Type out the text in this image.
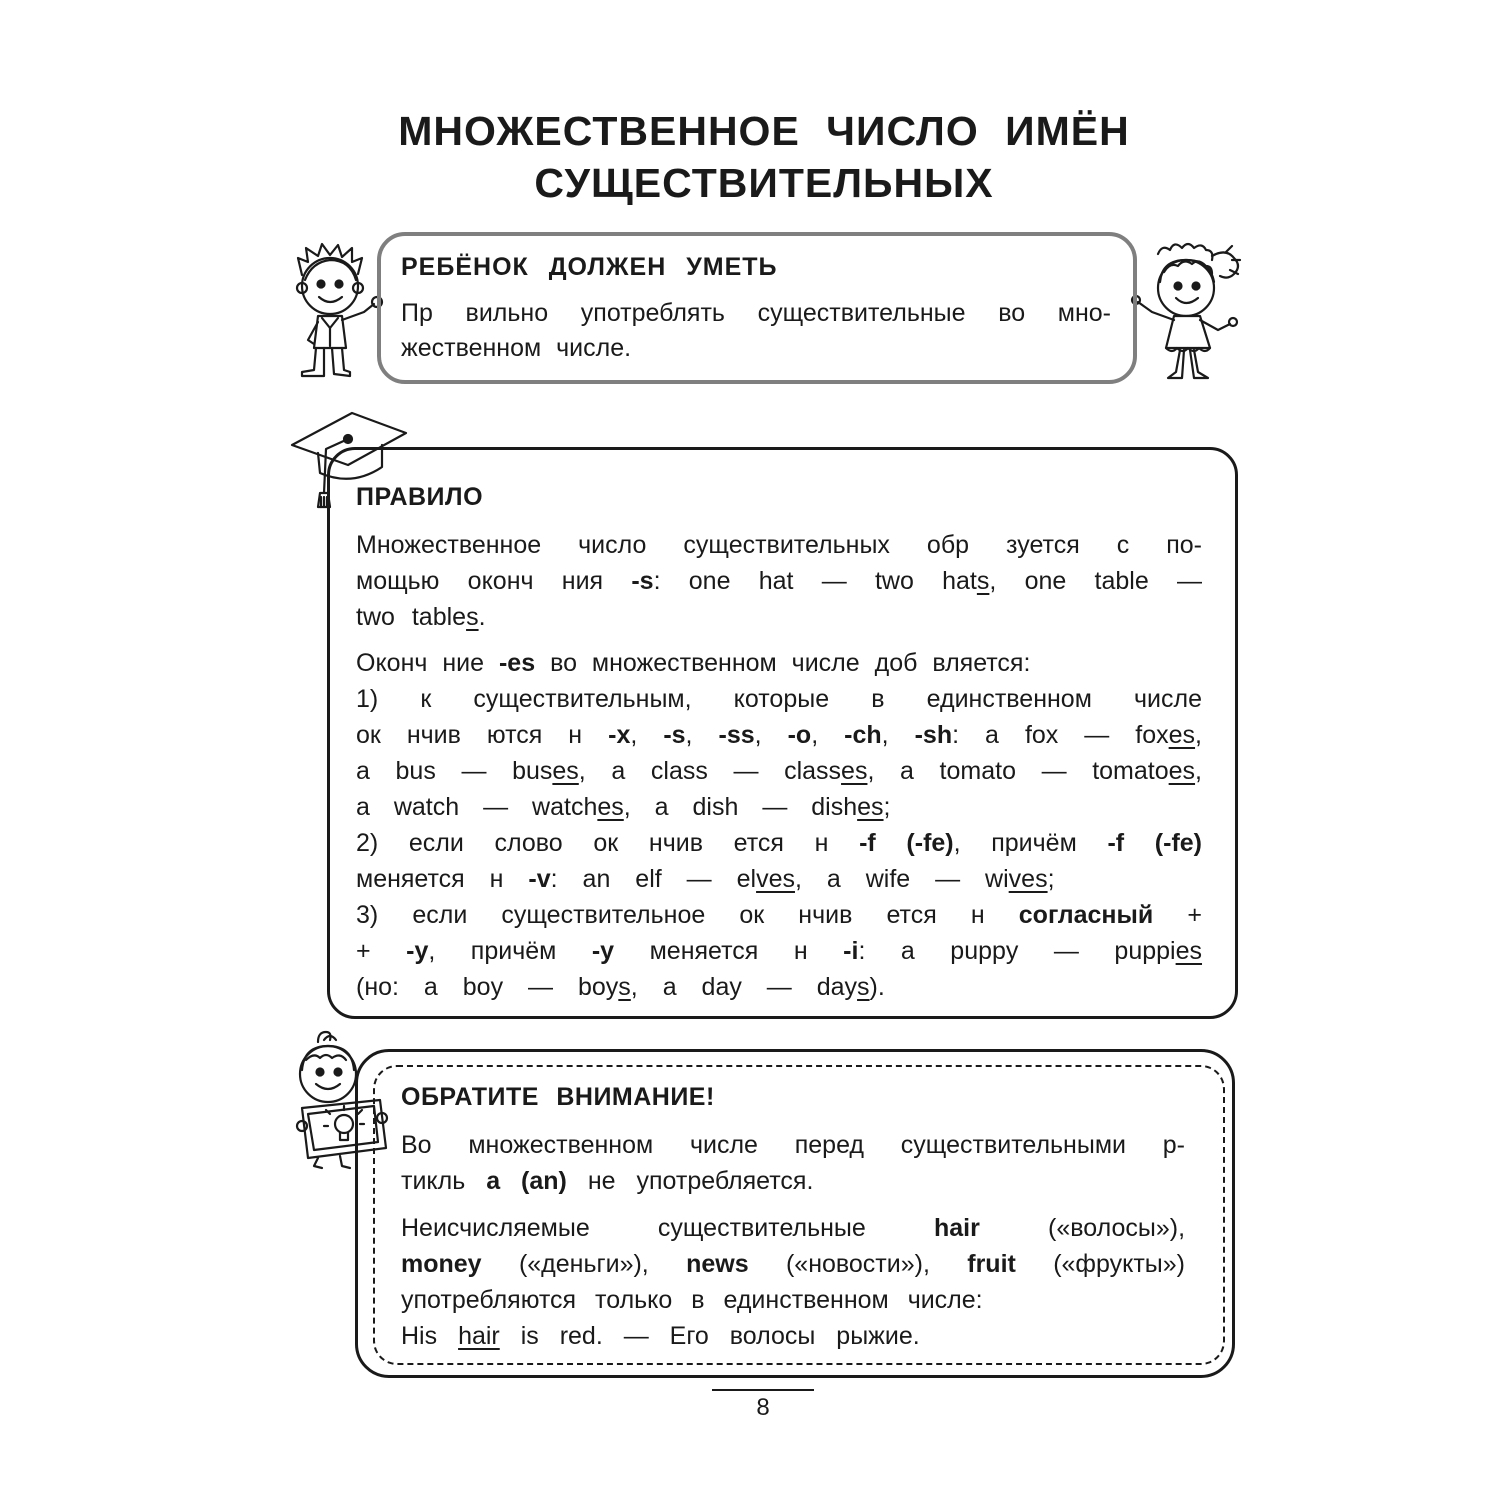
МНОЖЕСТВЕННОЕ ЧИСЛО ИМЁН
СУЩЕСТВИТЕЛЬНЫХ
РЕБЁНОК ДОЛЖЕН УМЕТЬ
Пр вильно употреблять существительные во мно-жественном числе.
ПРАВИЛО
Множественное число существительных обр зуется с по-
мощью оконч ния -s: one hat — two hats, one table —
two tables.
Оконч ние -es во множественном числе доб вляется:
1) к существительным, которые в единственном числе
ок нчив ются н -x, -s, -ss, -o, -ch, -sh: a fox — foxes,
a bus — buses, a class — classes, a tomato — tomatoes,
a watch — watches, a dish — dishes;
2) если слово ок нчив ется н -f (-fe), причём -f (-fe)
меняется н -v: an elf — elves, a wife — wives;
3) если существительное ок нчив ется н согласный +
+ -y, причём -y меняется н -i: a puppy — puppies
(но: a boy — boys, a day — days).
ОБРАТИТЕ ВНИМАНИЕ!
Во множественном числе перед существительными р-
тикль a (an) не употребляется.
Неисчисляемые существительные	hair	(«волосы»),
money («деньги»), news («новости»), fruit («фрукты»)
употребляются только в единственном числе:
His hair is red. — Его волосы рыжие.
8
